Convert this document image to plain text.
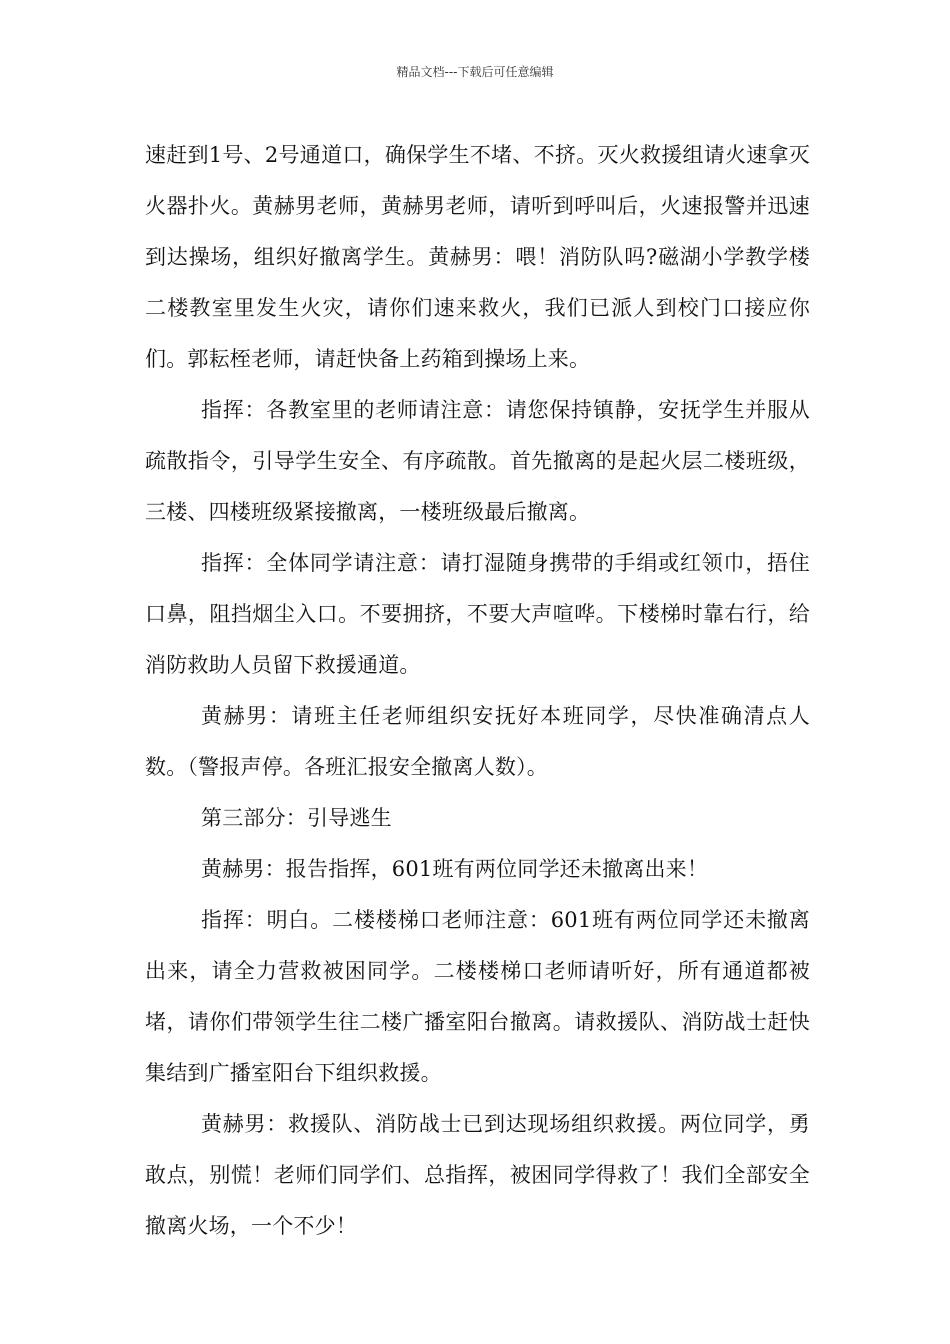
精品文档---下载后可任意编辑

速赶到1号、2号通道口，确保学生不堵、不挤。灭火救援组请火速拿灭火器扑火。黄赫男老师，黄赫男老师，请听到呼叫后，火速报警并迅速到达操场，组织好撤离学生。黄赫男：喂！消防队吗?磁湖小学教学楼二楼教室里发生火灾，请你们速来救火，我们已派人到校门口接应你们。郭耘桎老师，请赶快备上药箱到操场上来。

指挥：各教室里的老师请注意：请您保持镇静，安抚学生并服从疏散指令，引导学生安全、有序疏散。首先撤离的是起火层二楼班级，三楼、四楼班级紧接撤离，一楼班级最后撤离。

指挥：全体同学请注意：请打湿随身携带的手绢或红领巾，捂住口鼻，阻挡烟尘入口。不要拥挤，不要大声喧哗。下楼梯时靠右行，给消防救助人员留下救援通道。

黄赫男：请班主任老师组织安抚好本班同学，尽快准确清点人数。（警报声停。各班汇报安全撤离人数）。

第三部分：引导逃生

黄赫男：报告指挥，601班有两位同学还未撤离出来！

指挥：明白。二楼楼梯口老师注意：601班有两位同学还未撤离出来，请全力营救被困同学。二楼楼梯口老师请听好，所有通道都被堵，请你们带领学生往二楼广播室阳台撤离。请救援队、消防战士赶快集结到广播室阳台下组织救援。

黄赫男：救援队、消防战士已到达现场组织救援。两位同学，勇敢点，别慌！老师们同学们、总指挥，被困同学得救了！我们全部安全撤离火场，一个不少！
